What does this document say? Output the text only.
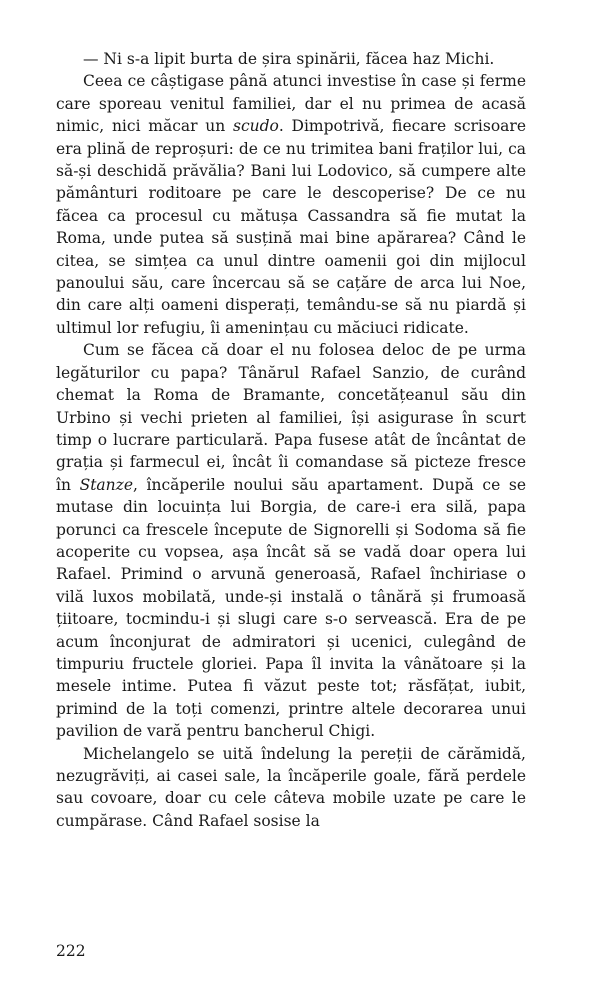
— Ni s-a lipit burta de șira spinării, făcea haz Michi.

Ceea ce câștigase până atunci investise în case și ferme care sporeau venitul familiei, dar el nu primea de acasă nimic, nici măcar un scudo. Dimpotrivă, fiecare scrisoare era plină de reproșuri: de ce nu trimitea bani fraților lui, ca să-și deschidă prăvălia? Bani lui Lodovico, să cumpere alte pământuri roditoare pe care le descoperise? De ce nu făcea ca procesul cu mătușa Cassandra să fie mutat la Roma, unde putea să susțină mai bine apărarea? Când le citea, se simțea ca unul dintre oamenii goi din mijlocul panoului său, care încercau să se cațăre de arca lui Noe, din care alți oameni disperați, temându-se să nu piardă și ultimul lor refugiu, îi amenințau cu măciuci ridicate.

Cum se făcea că doar el nu folosea deloc de pe urma legăturilor cu papa? Tânărul Rafael Sanzio, de curând chemat la Roma de Bramante, concetățeanul său din Urbino și vechi prieten al familiei, își asigurase în scurt timp o lucrare particulară. Papa fusese atât de încântat de grația și farmecul ei, încât îi comandase să picteze fresce în Stanze, încăperile noului său apartament. După ce se mutase din locuința lui Borgia, de care-i era silă, papa porunci ca frescele începute de Signorelli și Sodoma să fie acoperite cu vopsea, așa încât să se vadă doar opera lui Rafael. Primind o arvună generoasă, Rafael închiriase o vilă luxos mobilată, unde-și instală o tânără și frumoasă țiitoare, tocmindu-i și slugi care s-o servească. Era de pe acum înconjurat de admiratori și ucenici, culegând de timpuriu fructele gloriei. Papa îl invita la vânătoare și la mesele intime. Putea fi văzut peste tot; răsfățat, iubit, primind de la toți comenzi, printre altele decorarea unui pavilion de vară pentru bancherul Chigi.

Michelangelo se uită îndelung la pereții de cărămidă, nezugrăviți, ai casei sale, la încăperile goale, fără perdele sau covoare, doar cu cele câteva mobile uzate pe care le cumpărase. Când Rafael sosise la

222
